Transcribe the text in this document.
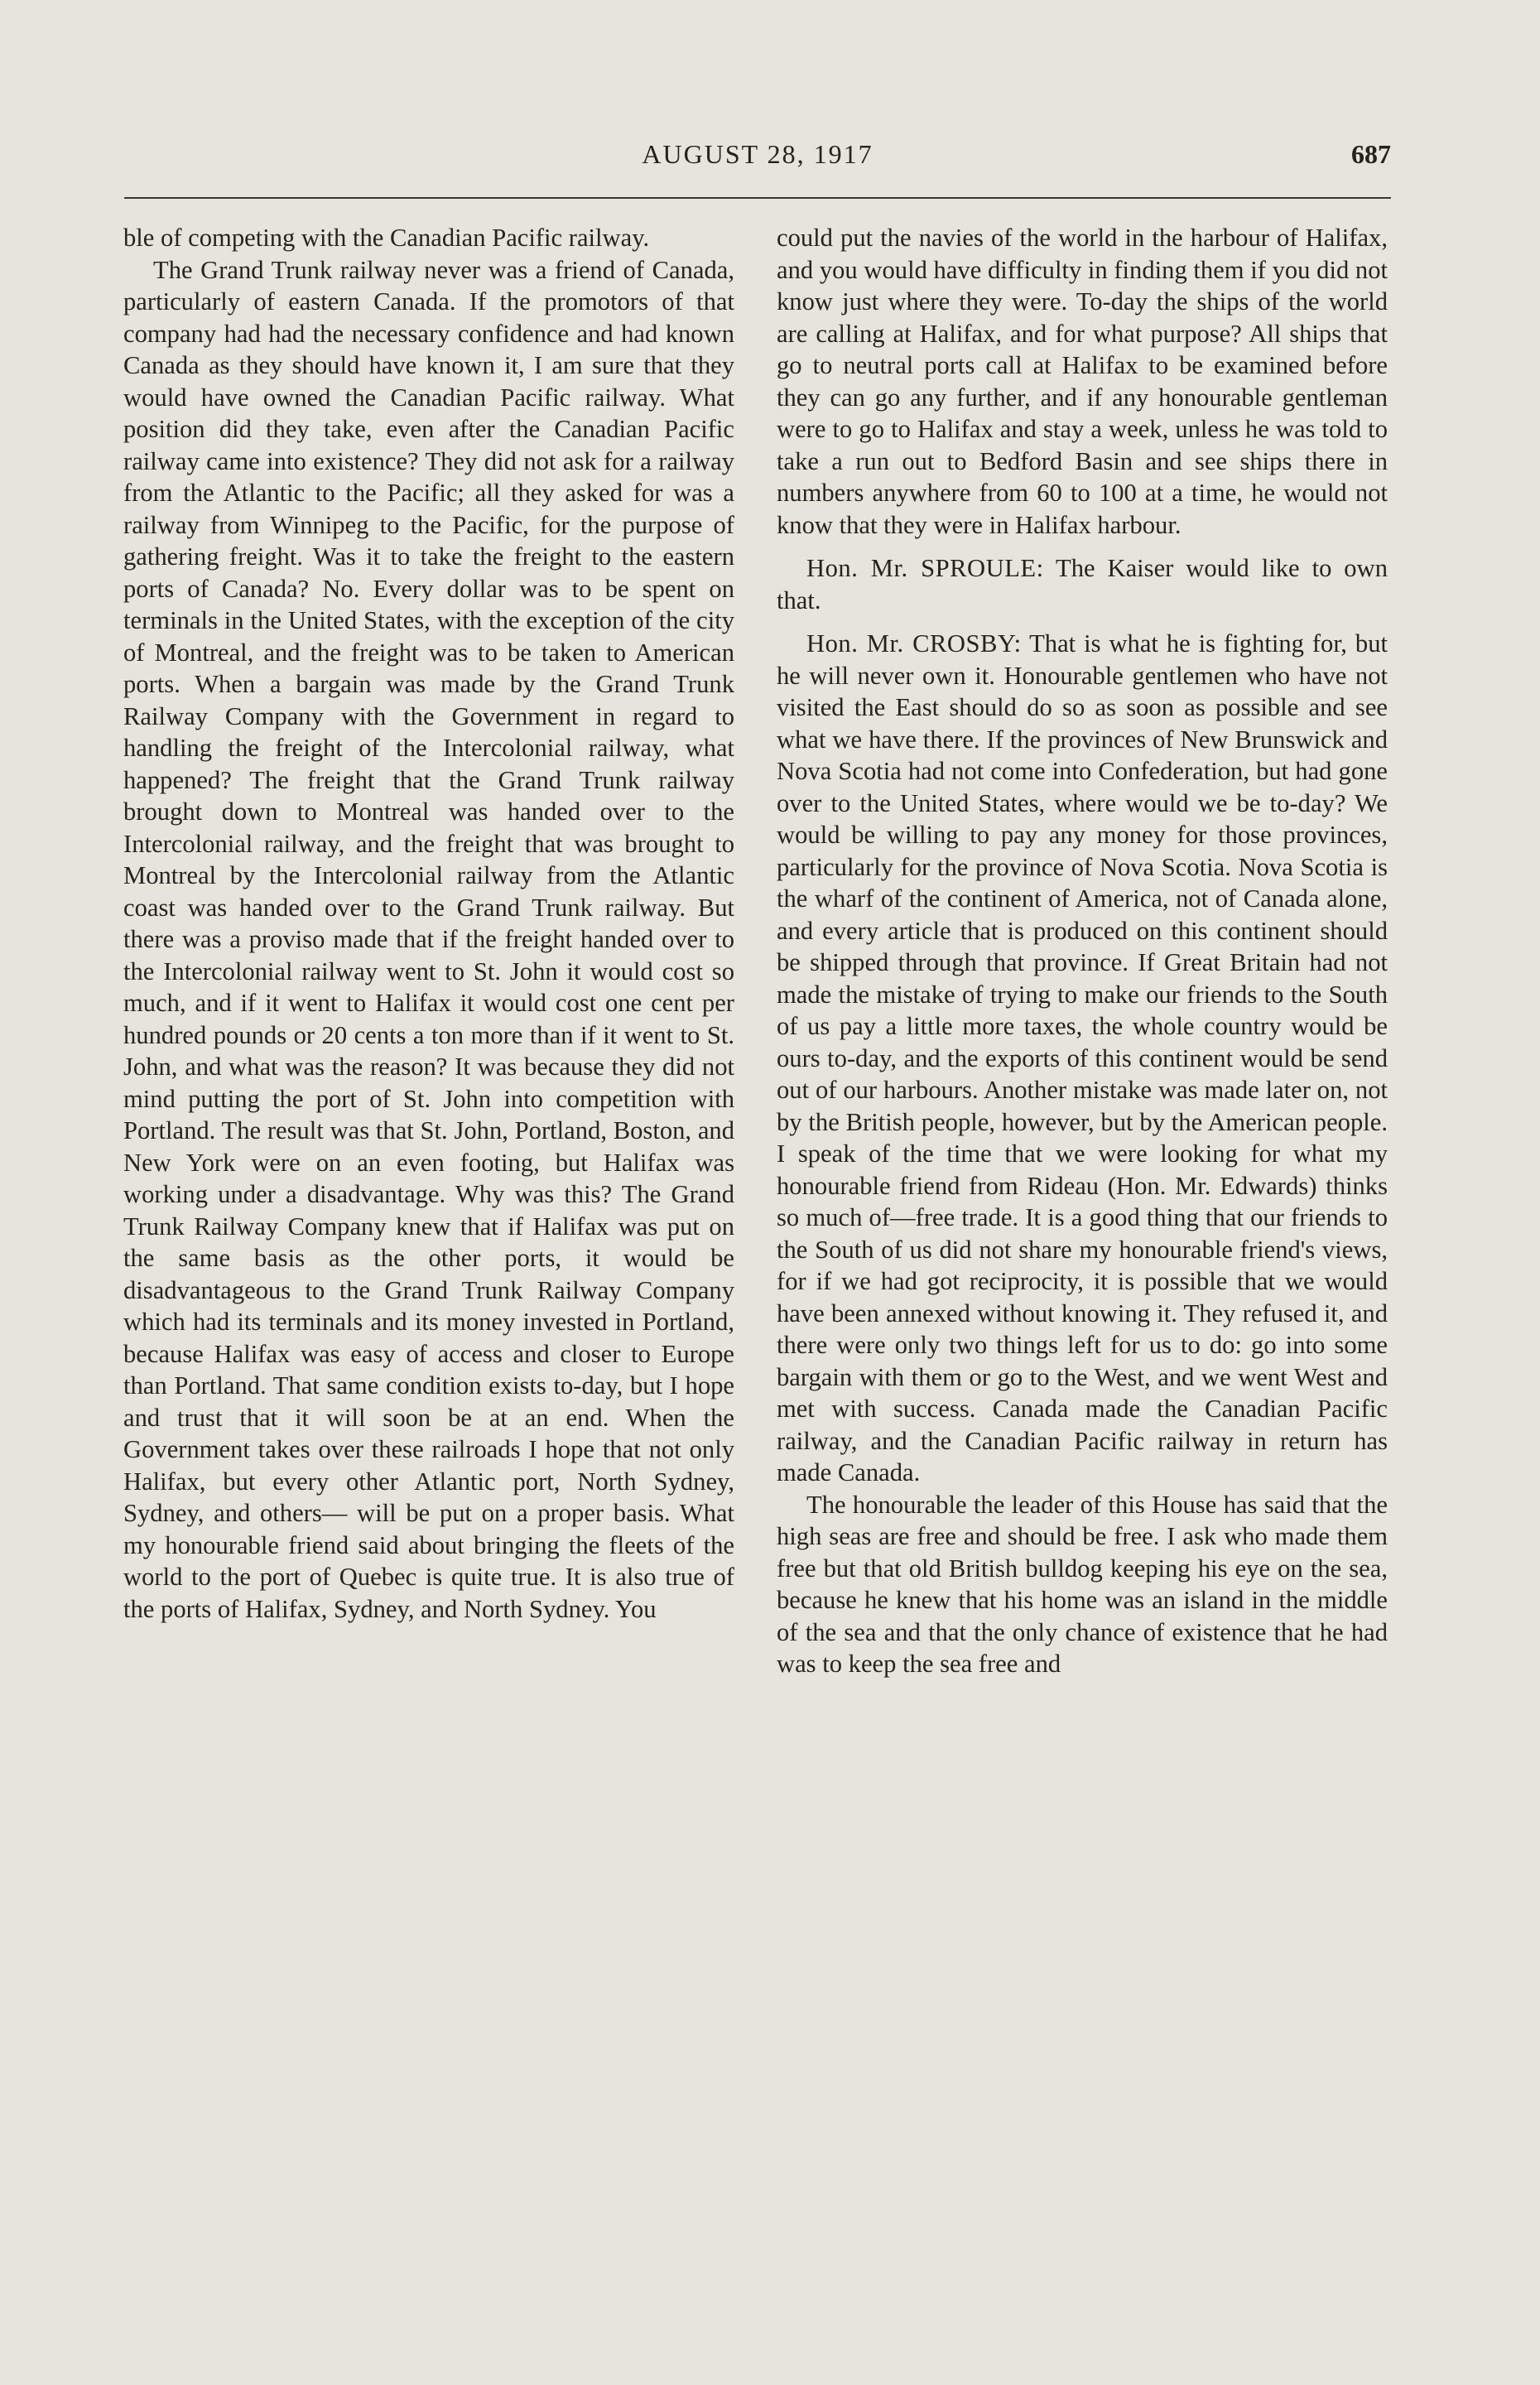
AUGUST 28, 1917	687

ble of competing with the Canadian Pacific railway.

The Grand Trunk railway never was a friend of Canada, particularly of eastern Canada. If the promotors of that company had had the necessary confidence and had known Canada as they should have known it, I am sure that they would have owned the Canadian Pacific railway. What position did they take, even after the Canadian Pacific railway came into existence? They did not ask for a railway from the Atlantic to the Pacific; all they asked for was a railway from Winnipeg to the Pacific, for the purpose of gathering freight. Was it to take the freight to the eastern ports of Canada? No. Every dollar was to be spent on terminals in the United States, with the exception of the city of Montreal, and the freight was to be taken to American ports. When a bargain was made by the Grand Trunk Railway Company with the Government in regard to handling the freight of the Intercolonial railway, what happened? The freight that the Grand Trunk railway brought down to Montreal was handed over to the Intercolonial railway, and the freight that was brought to Montreal by the Intercolonial railway from the Atlantic coast was handed over to the Grand Trunk railway. But there was a proviso made that if the freight handed over to the Intercolonial railway went to St. John it would cost so much, and if it went to Halifax it would cost one cent per hundred pounds or 20 cents a ton more than if it went to St. John, and what was the reason? It was because they did not mind putting the port of St. John into competition with Portland. The result was that St. John, Portland, Boston, and New York were on an even footing, but Halifax was working under a disadvantage. Why was this? The Grand Trunk Railway Company knew that if Halifax was put on the same basis as the other ports, it would be disadvantageous to the Grand Trunk Railway Company which had its terminals and its money invested in Portland, because Halifax was easy of access and closer to Europe than Portland. That same condition exists to-day, but I hope and trust that it will soon be at an end. When the Government takes over these railroads I hope that not only Halifax, but every other Atlantic port, North Sydney, Sydney, and others— will be put on a proper basis. What my honourable friend said about bringing the fleets of the world to the port of Quebec is quite true. It is also true of the ports of Halifax, Sydney, and North Sydney. You

could put the navies of the world in the harbour of Halifax, and you would have difficulty in finding them if you did not know just where they were. To-day the ships of the world are calling at Halifax, and for what purpose? All ships that go to neutral ports call at Halifax to be examined before they can go any further, and if any honourable gentleman were to go to Halifax and stay a week, unless he was told to take a run out to Bedford Basin and see ships there in numbers anywhere from 60 to 100 at a time, he would not know that they were in Halifax harbour.

Hon. Mr. SPROULE: The Kaiser would like to own that.

Hon. Mr. CROSBY: That is what he is fighting for, but he will never own it. Honourable gentlemen who have not visited the East should do so as soon as possible and see what we have there. If the provinces of New Brunswick and Nova Scotia had not come into Confederation, but had gone over to the United States, where would we be to-day? We would be willing to pay any money for those provinces, particularly for the province of Nova Scotia. Nova Scotia is the wharf of the continent of America, not of Canada alone, and every article that is produced on this continent should be shipped through that province. If Great Britain had not made the mistake of trying to make our friends to the South of us pay a little more taxes, the whole country would be ours to-day, and the exports of this continent would be send out of our harbours. Another mistake was made later on, not by the British people, however, but by the American people. I speak of the time that we were looking for what my honourable friend from Rideau (Hon. Mr. Edwards) thinks so much of—free trade. It is a good thing that our friends to the South of us did not share my honourable friend's views, for if we had got reciprocity, it is possible that we would have been annexed without knowing it. They refused it, and there were only two things left for us to do: go into some bargain with them or go to the West, and we went West and met with success. Canada made the Canadian Pacific railway, and the Canadian Pacific railway in return has made Canada.

The honourable the leader of this House has said that the high seas are free and should be free. I ask who made them free but that old British bulldog keeping his eye on the sea, because he knew that his home was an island in the middle of the sea and that the only chance of existence that he had was to keep the sea free and
